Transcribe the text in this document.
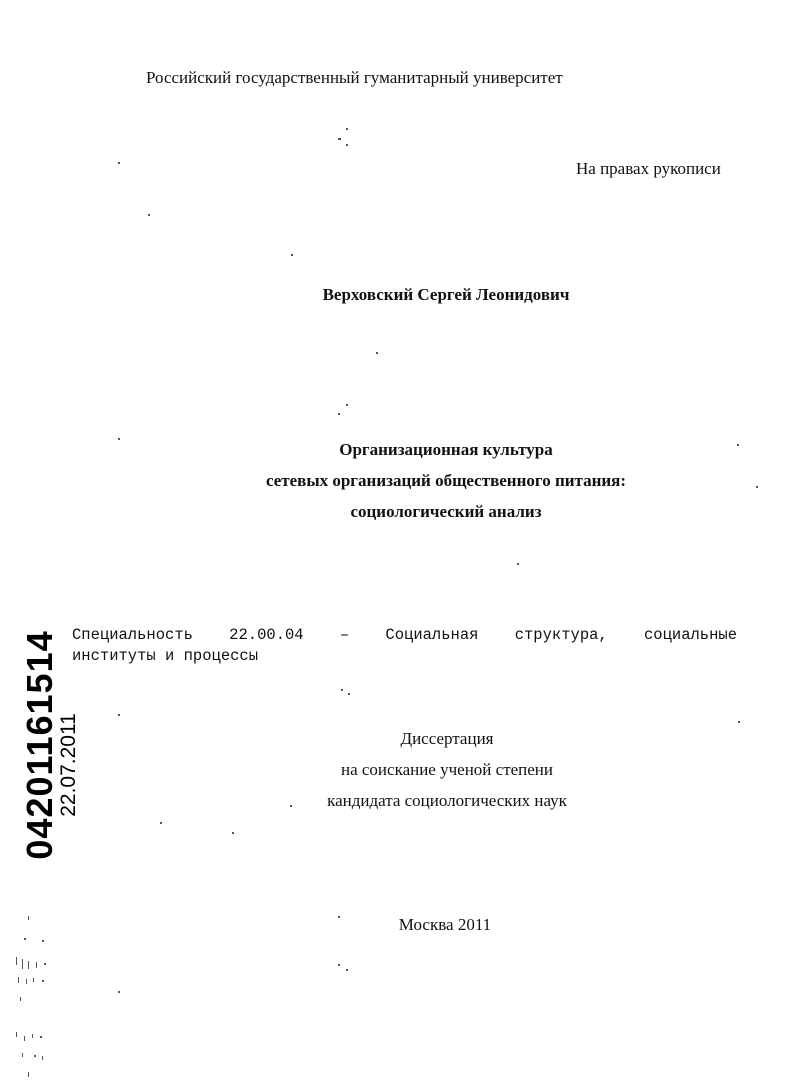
Российский государственный гуманитарный университет
На правах рукописи
Верховский Сергей Леонидович
Организационная культура
сетевых организаций общественного питания:
социологический анализ
Специальность 22.00.04 – Социальная структура, социальные
институты и процессы
Диссертация
на соискание ученой степени
кандидата социологических наук
Москва 2011
04201161514
22.07.2011
